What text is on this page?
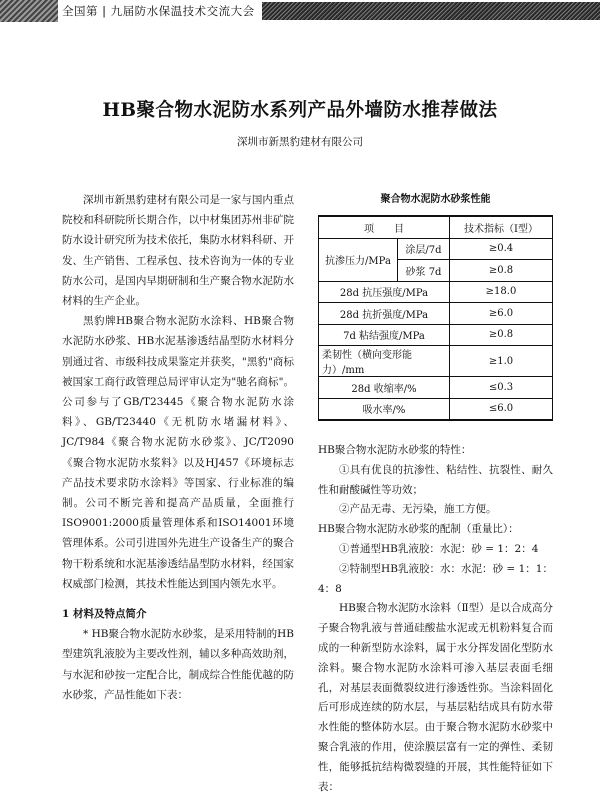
全国第 | 九届防水保温技术交流大会
HB聚合物水泥防水系列产品外墙防水推荐做法
深圳市新黑豹建材有限公司

深圳市新黑豹建材有限公司是一家与国内重点院校和科研院所长期合作，以中材集团苏州非矿院防水设计研究所为技术依托，集防水材料科研、开发、生产销售、工程承包、技术咨询为一体的专业防水公司，是国内早期研制和生产聚合物水泥防水材料的生产企业。

黑豹牌HB聚合物水泥防水涂料、HB聚合物水泥防水砂浆、HB水泥基渗透结晶型防水材料分别通过省、市级科技成果鉴定并获奖，"黑豹"商标被国家工商行政管理总局评审认定为"驰名商标"。公司参与了GB/T23445《聚合物水泥防水涂料》、GB/T23440《无机防水堵漏材料》、JC/T984《聚合物水泥防水砂浆》、JC/T2090《聚合物水泥防水浆料》以及HJ457《环境标志产品技术要求防水涂料》等国家、行业标准的编制。公司不断完善和提高产品质量，全面推行ISO9001:2000质量管理体系和ISO14001环境管理体系。公司引进国外先进生产设备生产的聚合物干粉系统和水泥基渗透结晶型防水材料，经国家权威部门检测，其技术性能达到国内领先水平。

1 材料及特点简介

* HB聚合物水泥防水砂浆，是采用特制的HB型建筑乳液胶为主要改性剂，辅以多种高效助剂，与水泥和砂按一定配合比，制成综合性能优越的防水砂浆，产品性能如下表：

聚合物水泥防水砂浆性能
项　　目		技术指标（Ⅰ型）
抗渗压力/MPa	涂层/7d	≥0.4
	砂浆 7d	≥0.8
28d 抗压强度/MPa		≥18.0
28d 抗折强度/MPa		≥6.0
7d 粘结强度/MPa		≥0.8
柔韧性（横向变形能力）/mm		≥1.0
28d 收缩率/%		≤0.3
吸水率/%		≤6.0

HB聚合物水泥防水砂浆的特性：

①具有优良的抗渗性、粘结性、抗裂性、耐久性和耐酸碱性等功效；

②产品无毒、无污染，施工方便。

HB聚合物水泥防水砂浆的配制（重量比）：

①普通型HB乳液胶：水泥：砂 = 1：2：4

②特制型HB乳液胶：水：水泥：砂 = 1：1：4：8

HB聚合物水泥防水涂料（Ⅱ型）是以合成高分子聚合物乳液与普通硅酸盐水泥或无机粉料复合而成的一种新型防水涂料，属于水分挥发固化型防水涂料。聚合物水泥防水涂料可渗入基层表面毛细孔，对基层表面微裂纹进行渗透性弥。当涂料固化后可形成连续的防水层，与基层粘结成具有防水带水性能的整体防水层。由于聚合物水泥防水砂浆中聚合乳液的作用，使涂膜层富有一定的弹性、柔韧性，能够抵抗结构微裂缝的开展，其性能特征如下表：
